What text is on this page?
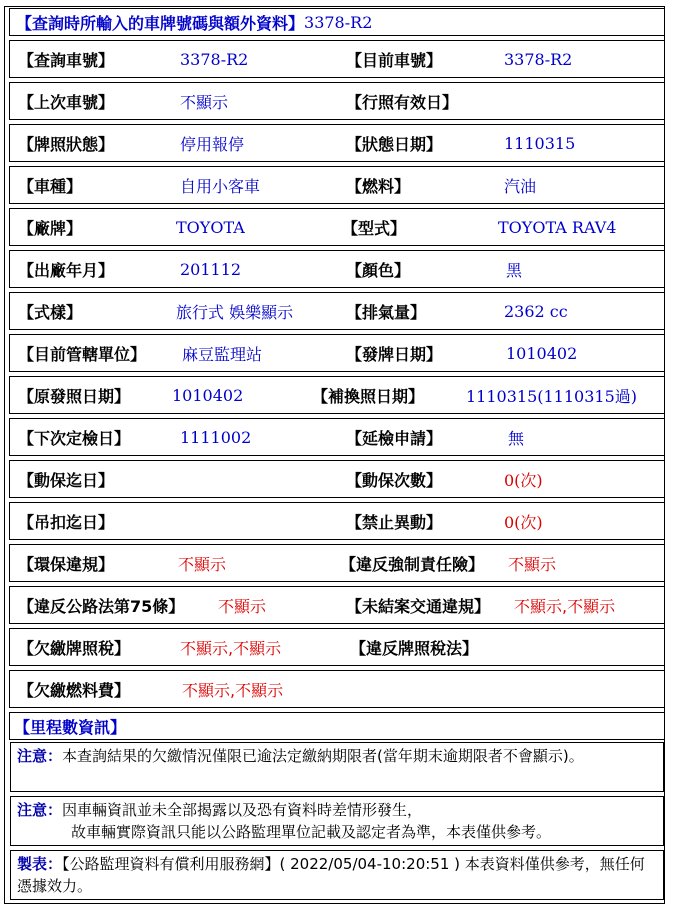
【查詢時所輸入的車牌號碼與額外資料】 3378-R2
【查詢車號】	3378-R2	【目前車號】	3378-R2
【上次車號】	不顯示	【行照有效日】
【牌照狀態】	停用報停	【狀態日期】	1110315
【車種】	自用小客車	【燃料】	汽油
【廠牌】	TOYOTA	【型式】	TOYOTA RAV4
【出廠年月】	201112	【顏色】	黑
【式樣】	旅行式 娛樂顯示	【排氣量】	2362 cc
【目前管轄單位】 麻豆監理站	【發牌日期】	1010402
【原發照日期】	1010402	【補換照日期】	1110315(1110315過)
【下次定檢日】	1111002	【延檢申請】	無
【動保迄日】	【動保次數】	0(次)
【吊扣迄日】	【禁止異動】	0(次)
【環保違規】	不顯示	【違反強制責任險】 不顯示
【違反公路法第75條】 不顯示	【未結案交通違規】 不顯示,不顯示
【欠繳牌照稅】	不顯示,不顯示	【違反牌照稅法】
【欠繳燃料費】	不顯示,不顯示
【里程數資訊】
注意：本查詢結果的欠繳情況僅限已逾法定繳納期限者(當年期末逾期限者不會顯示)。
注意：因車輛資訊並未全部揭露以及恐有資料時差情形發生，
故車輛實際資訊只能以公路監理單位記載及認定者為準，本表僅供參考。
製表：【公路監理資料有償利用服務網】( 2022/05/04-10:20:51 ) 本表資料僅供參考，無任何憑據效力。
